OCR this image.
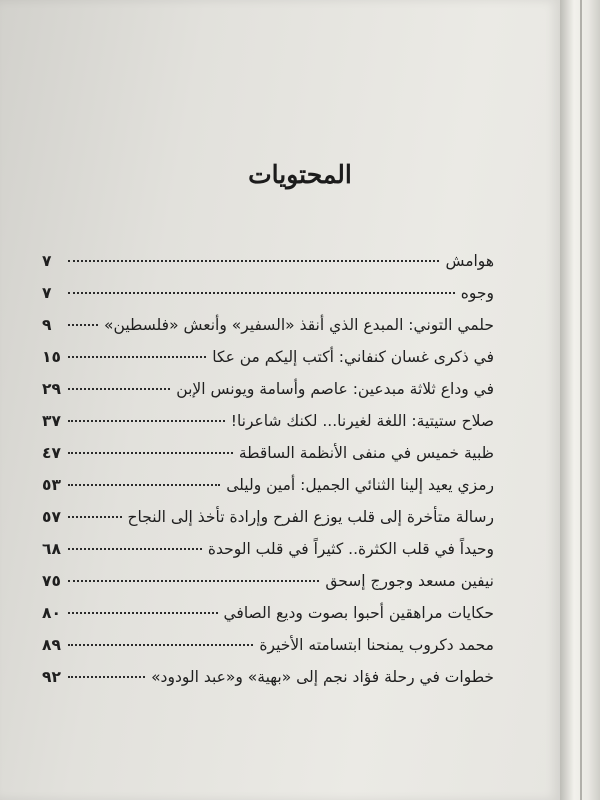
المحتويات
هوامش
٧
وجوه
٧
حلمي التوني: المبدع الذي أنقذ «السفير» وأنعش «فلسطين»
٩
في ذكرى غسان كنفاني: أكتب إليكم من عكا
١٥
في وداع ثلاثة مبدعين: عاصم وأسامة ويونس الإبن
٢٩
صلاح ستيتية: اللغة لغيرنا... لكنك شاعرنا!
٣٧
ظبية خميس في منفى الأنظمة الساقطة
٤٧
رمزي يعيد إلينا الثنائي الجميل: أمين وليلى
٥٣
رسالة متأخرة إلى قلب يوزع الفرح وإرادة تأخذ إلى النجاح
٥٧
وحيداً في قلب الكثرة.. كثيراً في قلب الوحدة
٦٨
نيفين مسعد وجورج إسحق
٧٥
حكايات مراهقين أحبوا بصوت وديع الصافي
٨٠
محمد دكروب يمنحنا ابتسامته الأخيرة
٨٩
خطوات في رحلة فؤاد نجم إلى «بهية» و«عبد الودود»
٩٢
